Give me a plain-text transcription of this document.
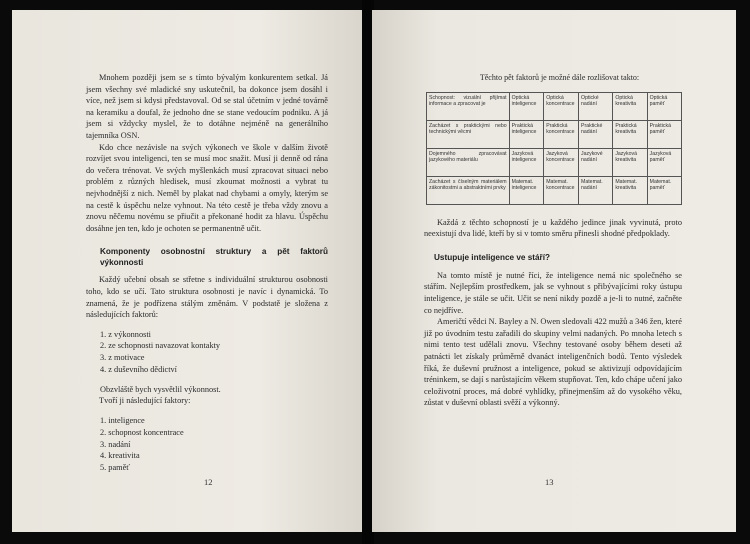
Mnohem později jsem se s tímto bývalým konkurentem setkal. Já jsem všechny své mladické sny uskutečnil, ba dokonce jsem dosáhl i více, než jsem si kdysi představoval. Od se stal účetním v jedné továrně na keramiku a doufal, že jednoho dne se stane vedoucím podniku. A já jsem si vždycky myslel, že to dotáhne nejméně na generálního tajemníka OSN.

Kdo chce nezávisle na svých výkonech ve škole v dalším životě rozvíjet svou inteligenci, ten se musí moc snažit. Musí ji denně od rána do večera trénovat. Ve svých myšlenkách musí zpracovat situaci nebo problém z různých hledisek, musí zkoumat možnosti a vybrat tu nejvhodnější z nich. Neměl by plakat nad chybami a omyly, kterým se na cestě k úspěchu nelze vyhnout. Na této cestě je třeba vždy znovu a znovu něčemu novému se přiučit a překonané hodit za hlavu. Úspěchu dosáhne jen ten, kdo je ochoten se permanentně učit.

Komponenty osobnostní struktury a pět faktorů výkonnosti

Každý učební obsah se střetne s individuální strukturou osobnosti toho, kdo se učí. Tato struktura osobnosti je navíc i dynamická. To znamená, že je podřízena stálým změnám. V podstatě je složena z následujících faktorů:

1. z výkonnosti
2. ze schopnosti navazovat kontakty
3. z motivace
4. z duševního dědictví

Obzvláště bych vysvětlil výkonnost.

Tvoří ji následující faktory:

1. inteligence
2. schopnost koncentrace
3. nadání
4. kreativita
5. paměť
12

Těchto pět faktorů je možné dále rozlišovat takto:

Schopnost: vizuální přijímat informace a zpracovat je	Optická inteligence	Optická koncentrace	Optické nadání	Optická kreativita	Optická paměť
Zacházet s praktickými nebo technickými věcmi	Praktická inteligence	Praktická koncentrace	Praktické nadání	Praktická kreativita	Praktická paměť
Dojemného zpracovávat jazykového materiálu	Jazyková inteligence	Jazyková koncentrace	Jazykové nadání	Jazyková kreativita	Jazyková paměť
Zacházet s číselným materiálem zákonitostmi a abstraktními prvky	Matemat. inteligence	Matemat. koncentrace	Matemat. nadání	Matemat. kreativita	Matemat. paměť

Každá z těchto schopností je u každého jedince jinak vyvinutá, proto neexistují dva lidé, kteří by si v tomto směru přinesli shodné předpoklady.

Ustupuje inteligence ve stáří?

Na tomto místě je nutné říci, že inteligence nemá nic společného se stářím. Nejlepším prostředkem, jak se vyhnout s přibývajícími roky ústupu inteligence, je stále se učit. Učit se není nikdy pozdě a je-li to nutné, začněte co nejdříve.

Američtí vědci N. Bayley a N. Owen sledovali 422 mužů a 346 žen, které již po úvodním testu zařadili do skupiny velmi nadaných. Po mnoha letech s nimi tento test udělali znovu. Všechny testované osoby během deseti až patnácti let získaly průměrně dvanáct inteligenčních bodů. Tento výsledek říká, že duševní pružnost a inteligence, pokud se aktivizují odpovídajícím tréninkem, se dají s narůstajícím věkem stupňovat. Ten, kdo chápe učení jako celoživotní proces, má dobré vyhlídky, přinejmenším až do vysokého věku, zůstat v duševní oblasti svěží a výkonný.

13
